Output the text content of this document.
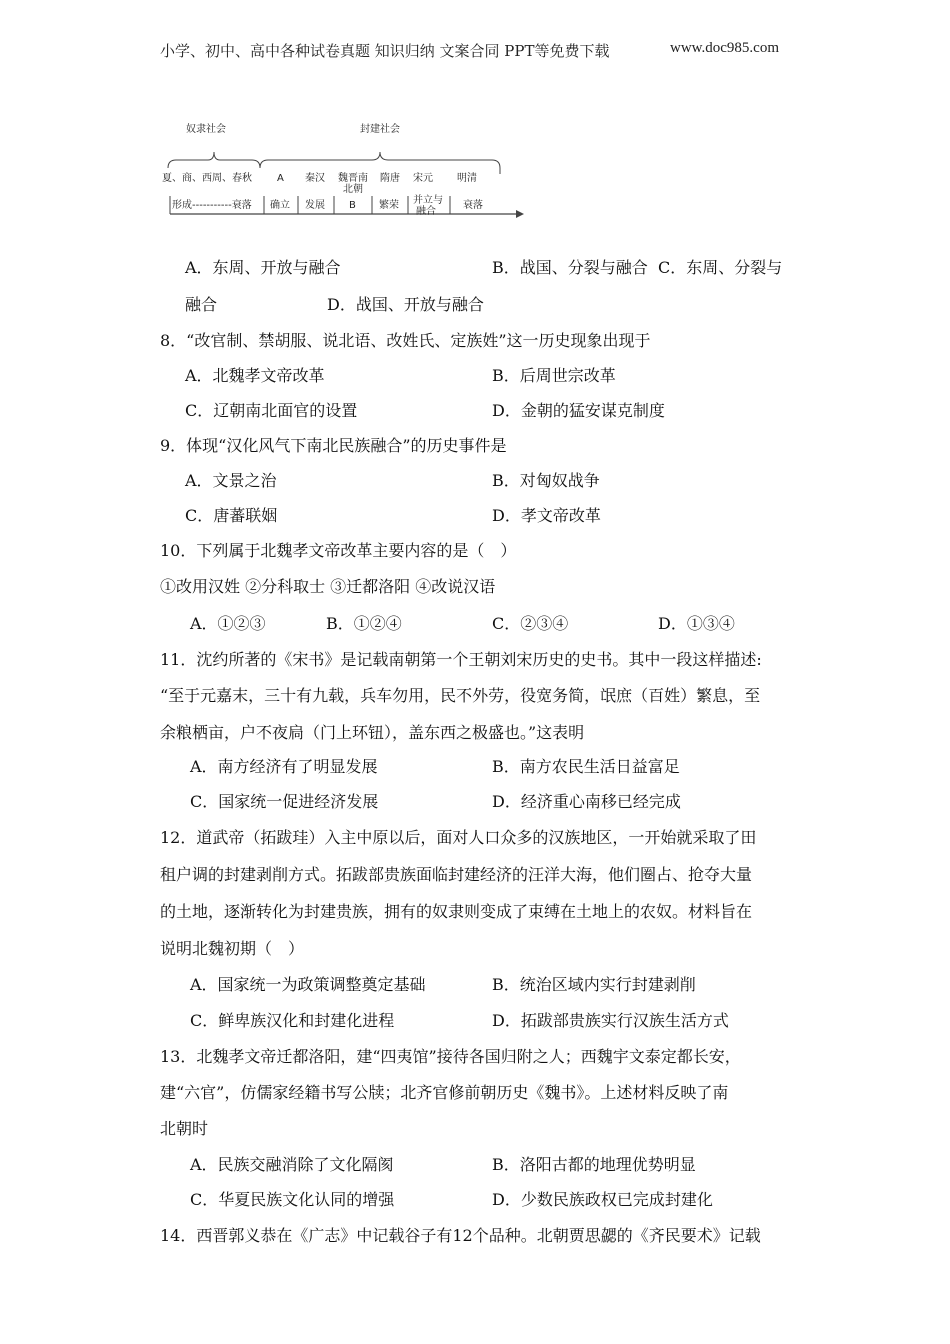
小学、初中、高中各种试卷真题 知识归纳 文案合同 PPT等免费下载	www.doc985.com
奴隶社会	封建社会
夏、商、西周、春秋	A 秦汉 魏晋南
北朝
隋唐 宋元 明清
形成-----------衰落 确立 发展 B 繁荣 并立与
融合
衰落
A．东周、开放与融合	B．战国、分裂与融合 C．东周、分裂与
融合	D．战国、开放与融合
8．“改官制、禁胡服、说北语、改姓氏、定族姓”这一历史现象出现于
A．北魏孝文帝改革	B．后周世宗改革
C．辽朝南北面官的设置	D．金朝的猛安谋克制度
9．体现“汉化风气下南北民族融合”的历史事件是
A．文景之治	B．对匈奴战争
C．唐蕃联姻	D．孝文帝改革
10．下列属于北魏孝文帝改革主要内容的是（　）
①改用汉姓 ②分科取士 ③迁都洛阳 ④改说汉语
A．①②③	B．①②④	C．②③④	D．①③④
11．沈约所著的《宋书》是记载南朝第一个王朝刘宋历史的史书。其中一段这样描述:
“至于元嘉末，三十有九载，兵车勿用，民不外劳，役宽务简，氓庶（百姓）繁息，至
余粮栖亩，户不夜扃（门上环钮），盖东西之极盛也。”这表明
A．南方经济有了明显发展	B．南方农民生活日益富足
C．国家统一促进经济发展	D．经济重心南移已经完成
12．道武帝（拓跋珪）入主中原以后，面对人口众多的汉族地区，一开始就采取了田
租户调的封建剥削方式。拓跋部贵族面临封建经济的汪洋大海，他们圈占、抢夺大量
的土地，逐渐转化为封建贵族，拥有的奴隶则变成了束缚在土地上的农奴。材料旨在
说明北魏初期（　）
A．国家统一为政策调整奠定基础	B．统治区域内实行封建剥削
C．鲜卑族汉化和封建化进程	D．拓跋部贵族实行汉族生活方式
13．北魏孝文帝迁都洛阳，建“四夷馆”接待各国归附之人；西魏宇文泰定都长安，
建“六官”，仿儒家经籍书写公牍；北齐官修前朝历史《魏书》。上述材料反映了南
北朝时
A．民族交融消除了文化隔阂	B．洛阳古都的地理优势明显
C．华夏民族文化认同的增强	D．少数民族政权已完成封建化
14．西晋郭义恭在《广志》中记载谷子有12个品种。北朝贾思勰的《齐民要术》记载
